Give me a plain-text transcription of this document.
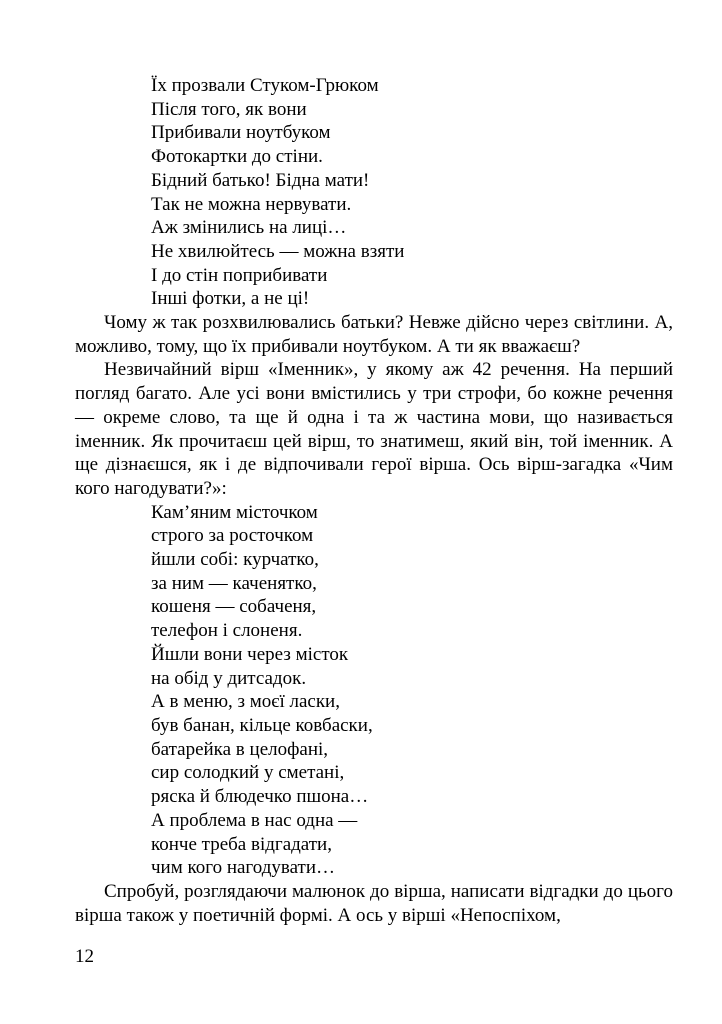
Їх прозвали Стуком-Грюком
Після того, як вони
Прибивали ноутбуком
Фотокартки до стіни.
Бідний батько! Бідна мати!
Так не можна нервувати.
Аж змінились на лиці…
Не хвилюйтесь — можна взяти
І до стін поприбивати
Інші фотки, а не ці!

Чому ж так розхвилювались батьки? Невже дійсно через світлини. А, можливо, тому, що їх прибивали ноутбуком. А ти як вважаєш?

Незвичайний вірш «Іменник», у якому аж 42 речення. На перший погляд багато. Але усі вони вмістились у три строфи, бо кожне речення — окреме слово, та ще й одна і та ж частина мови, що називається іменник. Як прочитаєш цей вірш, то знатимеш, який він, той іменник. А ще дізнаєшся, як і де відпочивали герої вірша. Ось вірш-загадка «Чим кого нагодувати?»:

Кам’яним місточком
строго за росточком
йшли собі: курчатко,
за ним — каченятко,
кошеня — собаченя,
телефон і слоненя.
Йшли вони через місток
на обід у дитсадок.
А в меню, з моєї ласки,
був банан, кільце ковбаски,
батарейка в целофані,
сир солодкий у сметані,
ряска й блюдечко пшона…
А проблема в нас одна —
конче треба відгадати,
чим кого нагодувати…

Спробуй, розглядаючи малюнок до вірша, написати відгадки до цього вірша також у поетичній формі. А ось у вірші «Непоспіхом,

12
